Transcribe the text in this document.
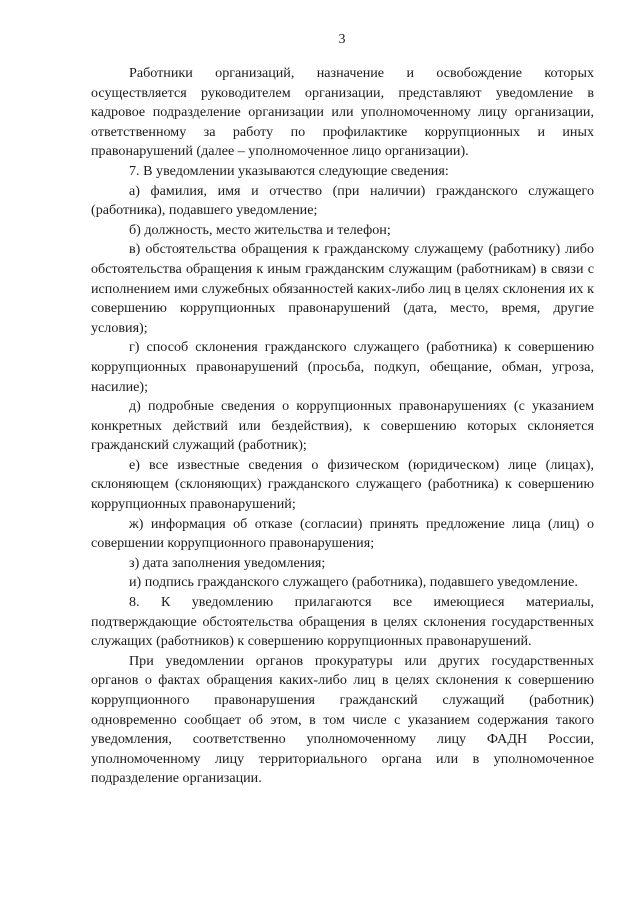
3

Работники организаций, назначение и освобождение которых осуществляется руководителем организации, представляют уведомление в кадровое подразделение организации или уполномоченному лицу организации, ответственному за работу по профилактике коррупционных и иных правонарушений (далее – уполномоченное лицо организации).

7. В уведомлении указываются следующие сведения:

а) фамилия, имя и отчество (при наличии) гражданского служащего (работника), подавшего уведомление;

б) должность, место жительства и телефон;

в) обстоятельства обращения к гражданскому служащему (работнику) либо обстоятельства обращения к иным гражданским служащим (работникам) в связи с исполнением ими служебных обязанностей каких-либо лиц в целях склонения их к совершению коррупционных правонарушений (дата, место, время, другие условия);

г) способ склонения гражданского служащего (работника) к совершению коррупционных правонарушений (просьба, подкуп, обещание, обман, угроза, насилие);

д) подробные сведения о коррупционных правонарушениях (с указанием конкретных действий или бездействия), к совершению которых склоняется гражданский служащий (работник);

е) все известные сведения о физическом (юридическом) лице (лицах), склоняющем (склоняющих) гражданского служащего (работника) к совершению коррупционных правонарушений;

ж) информация об отказе (согласии) принять предложение лица (лиц) о совершении коррупционного правонарушения;

з) дата заполнения уведомления;

и) подпись гражданского служащего (работника), подавшего уведомление.

8. К уведомлению прилагаются все имеющиеся материалы, подтверждающие обстоятельства обращения в целях склонения государственных служащих (работников) к совершению коррупционных правонарушений.

При уведомлении органов прокуратуры или других государственных органов о фактах обращения каких-либо лиц в целях склонения к совершению коррупционного правонарушения гражданский служащий (работник) одновременно сообщает об этом, в том числе с указанием содержания такого уведомления, соответственно уполномоченному лицу ФАДН России, уполномоченному лицу территориального органа или в уполномоченное подразделение организации.
